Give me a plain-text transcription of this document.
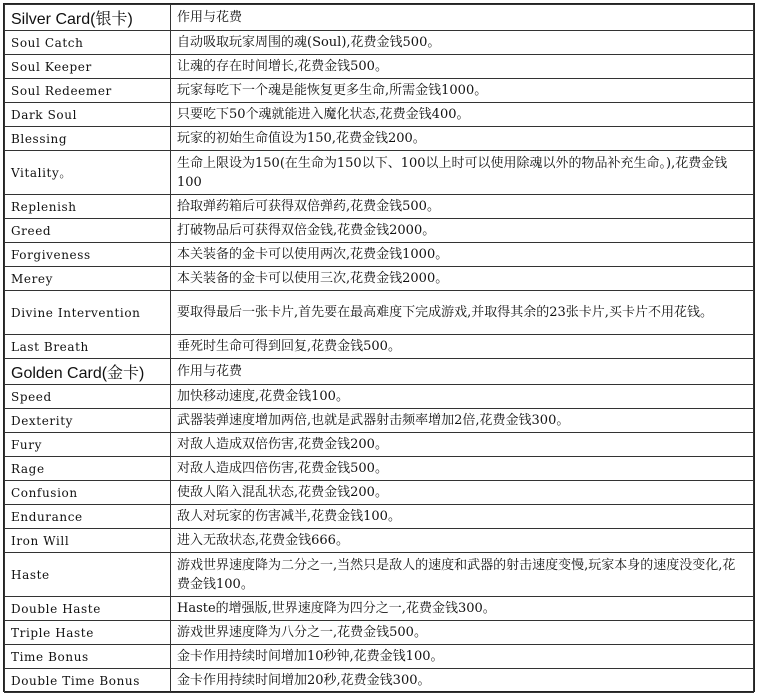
Silver Card(银卡)	作用与花费
Soul Catch	自动吸取玩家周围的魂(Soul),花费金钱500。
Soul Keeper	让魂的存在时间增长,花费金钱500。
Soul Redeemer	玩家每吃下一个魂是能恢复更多生命,所需金钱1000。
Dark Soul	只要吃下50个魂就能进入魔化状态,花费金钱400。
Blessing	玩家的初始生命值设为150,花费金钱200。
Vitality。	生命上限设为150(在生命为150以下、100以上时可以使用除魂以外的物品补充生命。),花费金钱100
Replenish	拾取弹药箱后可获得双倍弹药,花费金钱500。
Greed	打破物品后可获得双倍金钱,花费金钱2000。
Forgiveness	本关装备的金卡可以使用两次,花费金钱1000。
Merey	本关装备的金卡可以使用三次,花费金钱2000。
Divine Intervention	要取得最后一张卡片,首先要在最高难度下完成游戏,并取得其余的23张卡片,买卡片不用花钱。
Last Breath	垂死时生命可得到回复,花费金钱500。
Golden Card(金卡)	作用与花费
Speed	加快移动速度,花费金钱100。
Dexterity	武器装弹速度增加两倍,也就是武器射击频率增加2倍,花费金钱300。
Fury	对敌人造成双倍伤害,花费金钱200。
Rage	对敌人造成四倍伤害,花费金钱500。
Confusion	使敌人陷入混乱状态,花费金钱200。
Endurance	敌人对玩家的伤害减半,花费金钱100。
Iron Will	进入无敌状态,花费金钱666。
Haste	游戏世界速度降为二分之一,当然只是敌人的速度和武器的射击速度变慢,玩家本身的速度没变化,花费金钱100。
Double Haste	Haste的增强版,世界速度降为四分之一,花费金钱300。
Triple Haste	游戏世界速度降为八分之一,花费金钱500。
Time Bonus	金卡作用持续时间增加10秒钟,花费金钱100。
Double Time Bonus	金卡作用持续时间增加20秒,花费金钱300。
